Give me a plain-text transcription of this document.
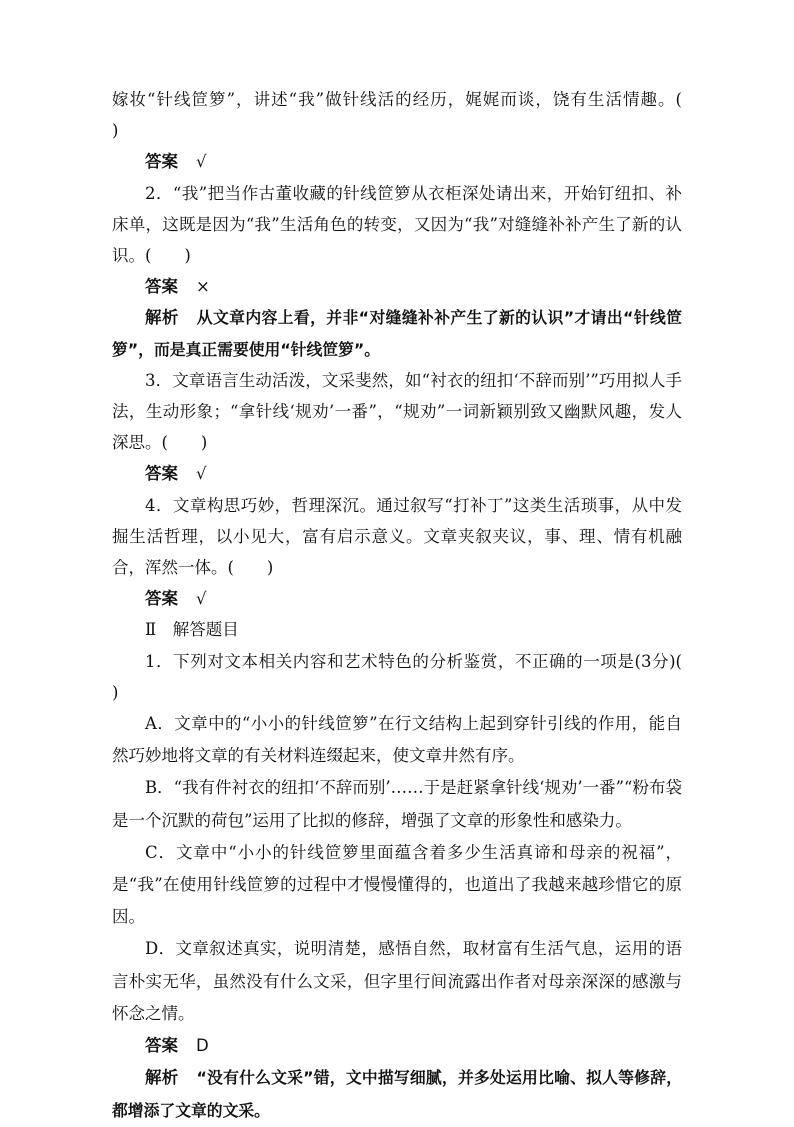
嫁妆“针线笸箩”，讲述“我”做针线活的经历，娓娓而谈，饶有生活情趣。(　　)

答案 √

2．“我”把当作古董收藏的针线笸箩从衣柜深处请出来，开始钉纽扣、补床单，这既是因为“我”生活角色的转变，又因为“我”对缝缝补补产生了新的认识。(　　)

答案 ×

解析 从文章内容上看，并非“对缝缝补补产生了新的认识”才请出“针线笸箩”，而是真正需要使用“针线笸箩”。

3．文章语言生动活泼，文采斐然，如“衬衣的纽扣‘不辞而别’”巧用拟人手法，生动形象；“拿针线‘规劝’一番”，“规劝”一词新颖别致又幽默风趣，发人深思。(　　)

答案 √

4．文章构思巧妙，哲理深沉。通过叙写“打补丁”这类生活琐事，从中发掘生活哲理，以小见大，富有启示意义。文章夹叙夹议，事、理、情有机融合，浑然一体。(　　)

答案 √

Ⅱ　解答题目

1．下列对文本相关内容和艺术特色的分析鉴赏，不正确的一项是(3分)(　　)

A．文章中的“小小的针线笸箩”在行文结构上起到穿针引线的作用，能自然巧妙地将文章的有关材料连缀起来，使文章井然有序。

B．“我有件衬衣的纽扣‘不辞而别’……于是赶紧拿针线‘规劝’一番”“粉布袋是一个沉默的荷包”运用了比拟的修辞，增强了文章的形象性和感染力。

C．文章中“小小的针线笸箩里面蕴含着多少生活真谛和母亲的祝福”，是“我”在使用针线笸箩的过程中才慢慢懂得的，也道出了我越来越珍惜它的原因。

D．文章叙述真实，说明清楚，感悟自然，取材富有生活气息，运用的语言朴实无华，虽然没有什么文采，但字里行间流露出作者对母亲深深的感激与怀念之情。

答案 D

解析 “没有什么文采”错，文中描写细腻，并多处运用比喻、拟人等修辞，都增添了文章的文采。
